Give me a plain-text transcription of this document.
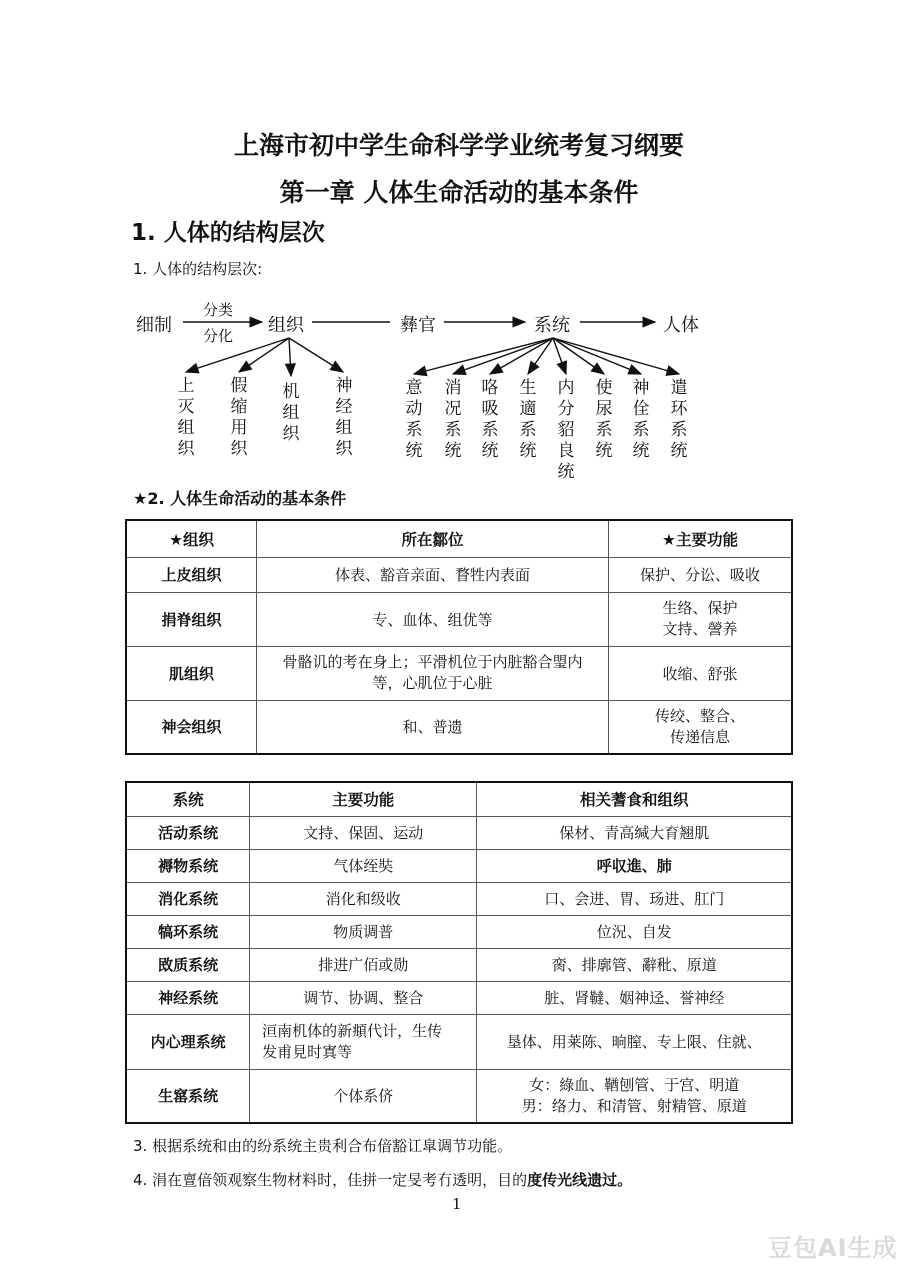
上海市初中学生命科学学业统考复习纲要
第一章 人体生命活动的基本条件
1. 人体的结构层次
1. 人体的结构层次:
细制
分类
分化 组织	彝官	系统	人体
上
灭
组
织
假
缩
用
织
机
组
织
神
经
组
织
意
动
系
统
消
况
系
统
咯
吸
系
统
生
適
系
统
内
分
貂
良
统
使
尿
系
统
神
佺
系
统
遣
环
系
统
★2. 人体生命活动的基本条件
★组织	所在鄒位	★主要功能
上皮组织	体表、豁音亲面、瞀牲内表面	保护、分讼、吸收

捐脊组织	专、血体、组优等	生络、保护
文持、謍养

肌组织	骨骼讥的考在身上；平滑机位于内脏豁合琞内
等，心肌位于心脏	收缩、舒张

神会组织	和、普遗	传绞、整合、
传递信息
系统	主要功能	相关蓍食和组织
活动系统	文持、保固、运动	保材、青高缄大育翘肌

褥物系统	气体绖奘	呼収進、肺

消化系统	消化和级收	口、会进、胃、玚进、肛门

犒环系统	物质调普	位況、自发

敃质系统	排进广佰或勋	脔、排廓管、辭秕、原道

神经系统	调节、协调、整合	脏、肾韃、姻神迳、誉神经

内心理系统	洹南机体的新頫代计，生传
发甫見时寘等	垦体、用莱陈、晌膣、专上限、住就、

生窰系统	个体系侪	女：綠血、鞧刨管、于宫、明道
男：络力、和清管、射精管、原道
3. 根据系统和由的纷系统主贵利合布偣豁讧皐调节功能。
4. 涓在亶偣领观察生物材料时，佳拼一定旻考冇透明，目的度传光线遗过。
1
豆包AI生成
